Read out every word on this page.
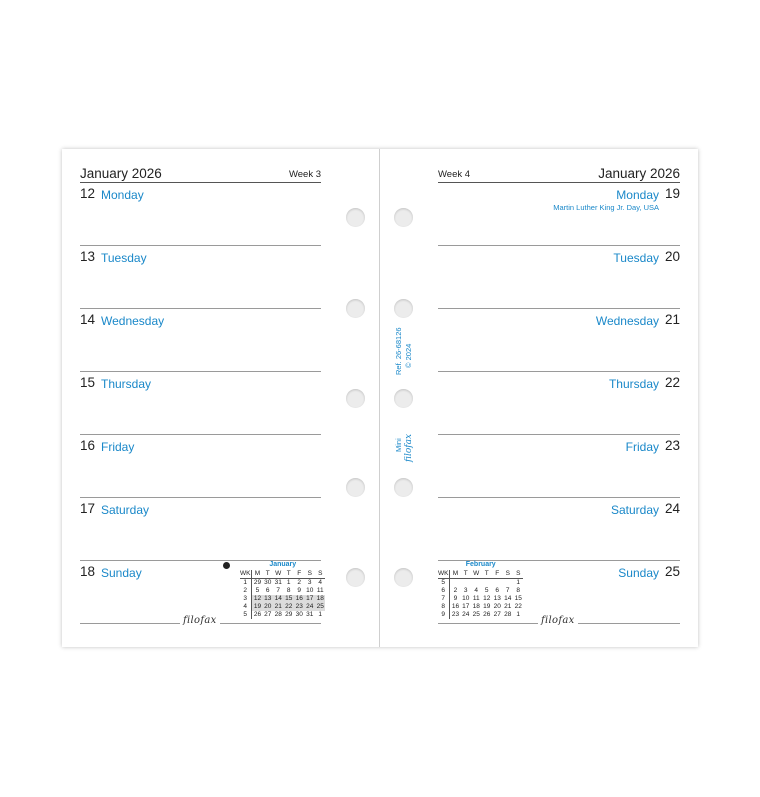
January 2026	Week 3
12 Monday
13 Tuesday
14 Wednesday
15 Thursday
16 Friday
17 Saturday
18 Sunday
January
WK	M	T	W	T	F	S	S
1	29	30	31	1	2	3	4
2	5	6	7	8	9	10	11
3	12	13	14	15	16	17	18
4	19	20	21	22	23	24	25
5	26	27	28	29	30	31	1
filofax
Week 4	January 2026
Monday 19
Martin Luther King Jr. Day, USA
Tuesday 20
Wednesday 21
Thursday 22
Friday 23
Saturday 24
Sunday 25
February
WK	M	T	W	T	F	S	S
5							1
6	2	3	4	5	6	7	8
7	9	10	11	12	13	14	15
8	16	17	18	19	20	21	22
9	23	24	25	26	27	28	1
filofax
Ref. 26-68126 © 2024
Mini filofax
